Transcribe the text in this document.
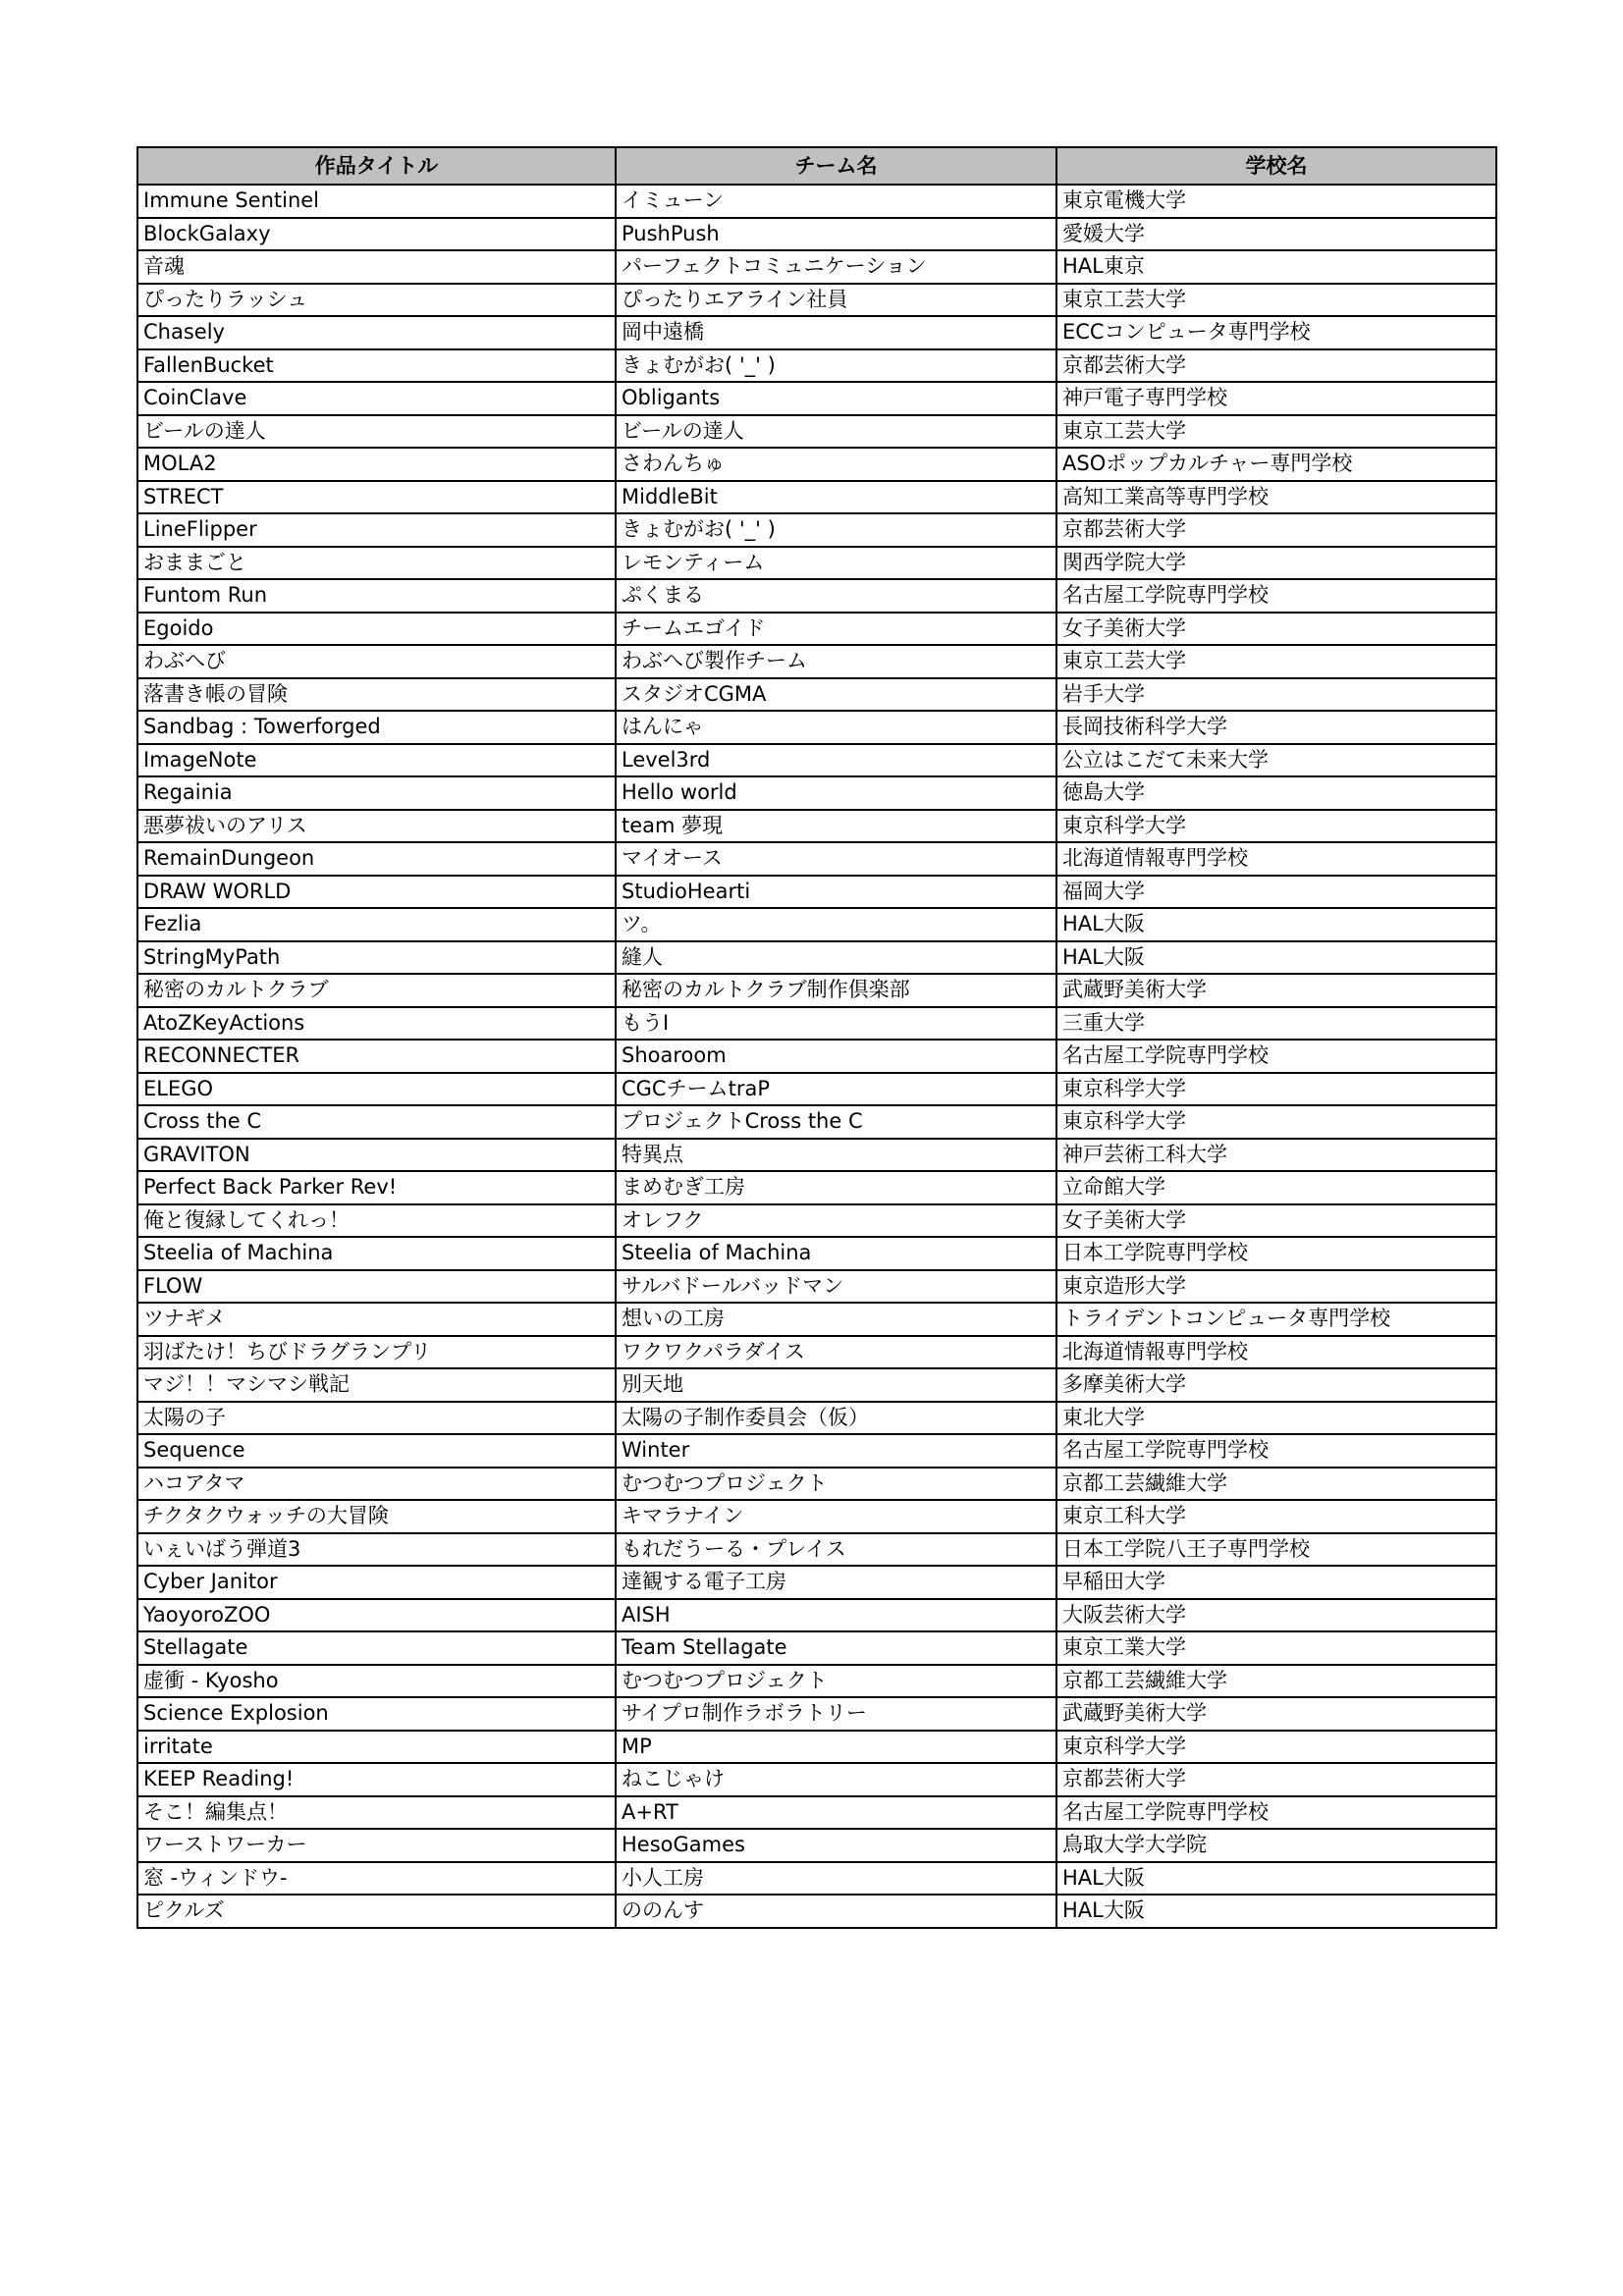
作品タイトル	チーム名	学校名
Immune Sentinel	イミューン	東京電機大学
BlockGalaxy	PushPush	愛媛大学
音魂	パーフェクトコミュニケーション	HAL東京
ぴったりラッシュ	ぴったりエアライン社員	東京工芸大学
Chasely	岡中遠橋	ECCコンピュータ専門学校
FallenBucket	きょむがお( '_' )	京都芸術大学
CoinClave	Obligants	神戸電子専門学校
ビールの達人	ビールの達人	東京工芸大学
MOLA2	さわんちゅ	ASOポップカルチャー専門学校
STRECT	MiddleBit	高知工業高等専門学校
LineFlipper	きょむがお( '_' )	京都芸術大学
おままごと	レモンティーム	関西学院大学
Funtom Run	ぷくまる	名古屋工学院専門学校
Egoido	チームエゴイド	女子美術大学
わぶへび	わぶへび製作チーム	東京工芸大学
落書き帳の冒険	スタジオCGMA	岩手大学
Sandbag : Towerforged	はんにゃ	長岡技術科学大学
ImageNote	Level3rd	公立はこだて未来大学
Regainia	Hello world	徳島大学
悪夢祓いのアリス	team 夢現	東京科学大学
RemainDungeon	マイオース	北海道情報専門学校
DRAW WORLD	StudioHearti	福岡大学
Fezlia	ツ。	HAL大阪
StringMyPath	縫人	HAL大阪
秘密のカルトクラブ	秘密のカルトクラブ制作倶楽部	武蔵野美術大学
AtoZKeyActions	もうI	三重大学
RECONNECTER	Shoaroom	名古屋工学院専門学校
ELEGO	CGCチームtraP	東京科学大学
Cross the C	プロジェクトCross the C	東京科学大学
GRAVITON	特異点	神戸芸術工科大学
Perfect Back Parker Rev!	まめむぎ工房	立命館大学
俺と復縁してくれっ！	オレフク	女子美術大学
Steelia of Machina	Steelia of Machina	日本工学院専門学校
FLOW	サルバドールバッドマン	東京造形大学
ツナギメ	想いの工房	トライデントコンピュータ専門学校
羽ばたけ！ちびドラグランプリ	ワクワクパラダイス	北海道情報専門学校
マジ！！マシマシ戦記	別天地	多摩美術大学
太陽の子	太陽の子制作委員会（仮）	東北大学
Sequence	Winter	名古屋工学院専門学校
ハコアタマ	むつむつプロジェクト	京都工芸繊維大学
チクタクウォッチの大冒険	キマラナイン	東京工科大学
いぇいばう弾道3	もれだうーる・プレイス	日本工学院八王子専門学校
Cyber Janitor	達観する電子工房	早稲田大学
YaoyoroZOO	AISH	大阪芸術大学
Stellagate	Team Stellagate	東京工業大学
虚衝 - Kyosho	むつむつプロジェクト	京都工芸繊維大学
Science Explosion	サイプロ制作ラボラトリー	武蔵野美術大学
irritate	MP	東京科学大学
KEEP Reading!	ねこじゃけ	京都芸術大学
そこ！編集点！	A+RT	名古屋工学院専門学校
ワーストワーカー	HesoGames	鳥取大学大学院
窓 -ウィンドウ-	小人工房	HAL大阪
ピクルズ	ののんす	HAL大阪
